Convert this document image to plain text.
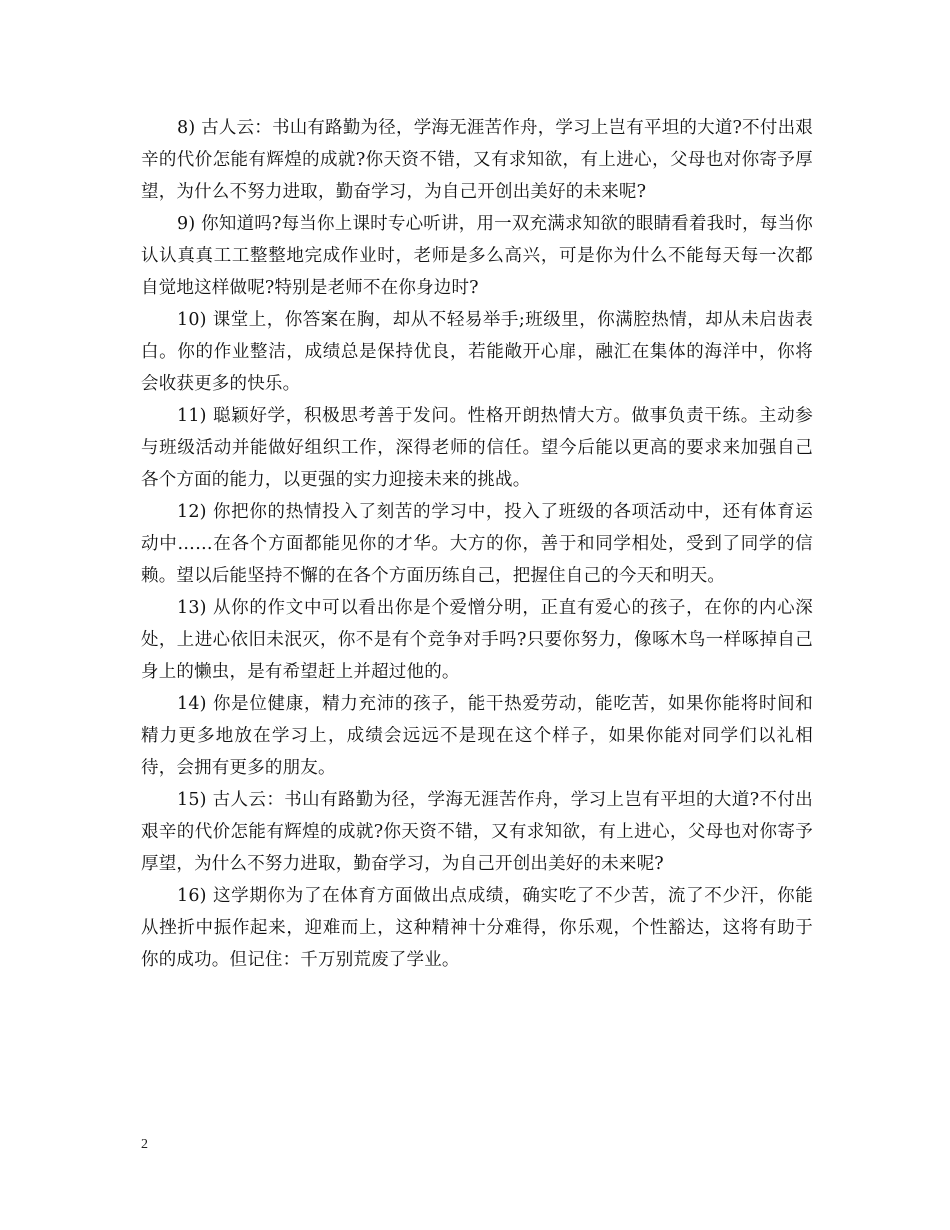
8) 古人云：书山有路勤为径，学海无涯苦作舟，学习上岂有平坦的大道?不付出艰辛的代价怎能有辉煌的成就?你天资不错，又有求知欲，有上进心，父母也对你寄予厚望，为什么不努力进取，勤奋学习，为自己开创出美好的未来呢?

9) 你知道吗?每当你上课时专心听讲，用一双充满求知欲的眼睛看着我时，每当你认认真真工工整整地完成作业时，老师是多么高兴，可是你为什么不能每天每一次都自觉地这样做呢?特别是老师不在你身边时?

10) 课堂上，你答案在胸，却从不轻易举手;班级里，你满腔热情，却从未启齿表白。你的作业整洁，成绩总是保持优良，若能敞开心扉，融汇在集体的海洋中，你将会收获更多的快乐。

11) 聪颖好学，积极思考善于发问。性格开朗热情大方。做事负责干练。主动参与班级活动并能做好组织工作，深得老师的信任。望今后能以更高的要求来加强自己各个方面的能力，以更强的实力迎接未来的挑战。

12) 你把你的热情投入了刻苦的学习中，投入了班级的各项活动中，还有体育运动中……在各个方面都能见你的才华。大方的你，善于和同学相处，受到了同学的信赖。望以后能坚持不懈的在各个方面历练自己，把握住自己的今天和明天。

13) 从你的作文中可以看出你是个爱憎分明，正直有爱心的孩子，在你的内心深处，上进心依旧未泯灭，你不是有个竞争对手吗?只要你努力，像啄木鸟一样啄掉自己身上的懒虫，是有希望赶上并超过他的。

14) 你是位健康，精力充沛的孩子，能干热爱劳动，能吃苦，如果你能将时间和精力更多地放在学习上，成绩会远远不是现在这个样子，如果你能对同学们以礼相待，会拥有更多的朋友。

15) 古人云：书山有路勤为径，学海无涯苦作舟，学习上岂有平坦的大道?不付出艰辛的代价怎能有辉煌的成就?你天资不错，又有求知欲，有上进心，父母也对你寄予厚望，为什么不努力进取，勤奋学习，为自己开创出美好的未来呢?

16) 这学期你为了在体育方面做出点成绩，确实吃了不少苦，流了不少汗，你能从挫折中振作起来，迎难而上，这种精神十分难得，你乐观，个性豁达，这将有助于你的成功。但记住：千万别荒废了学业。

2
